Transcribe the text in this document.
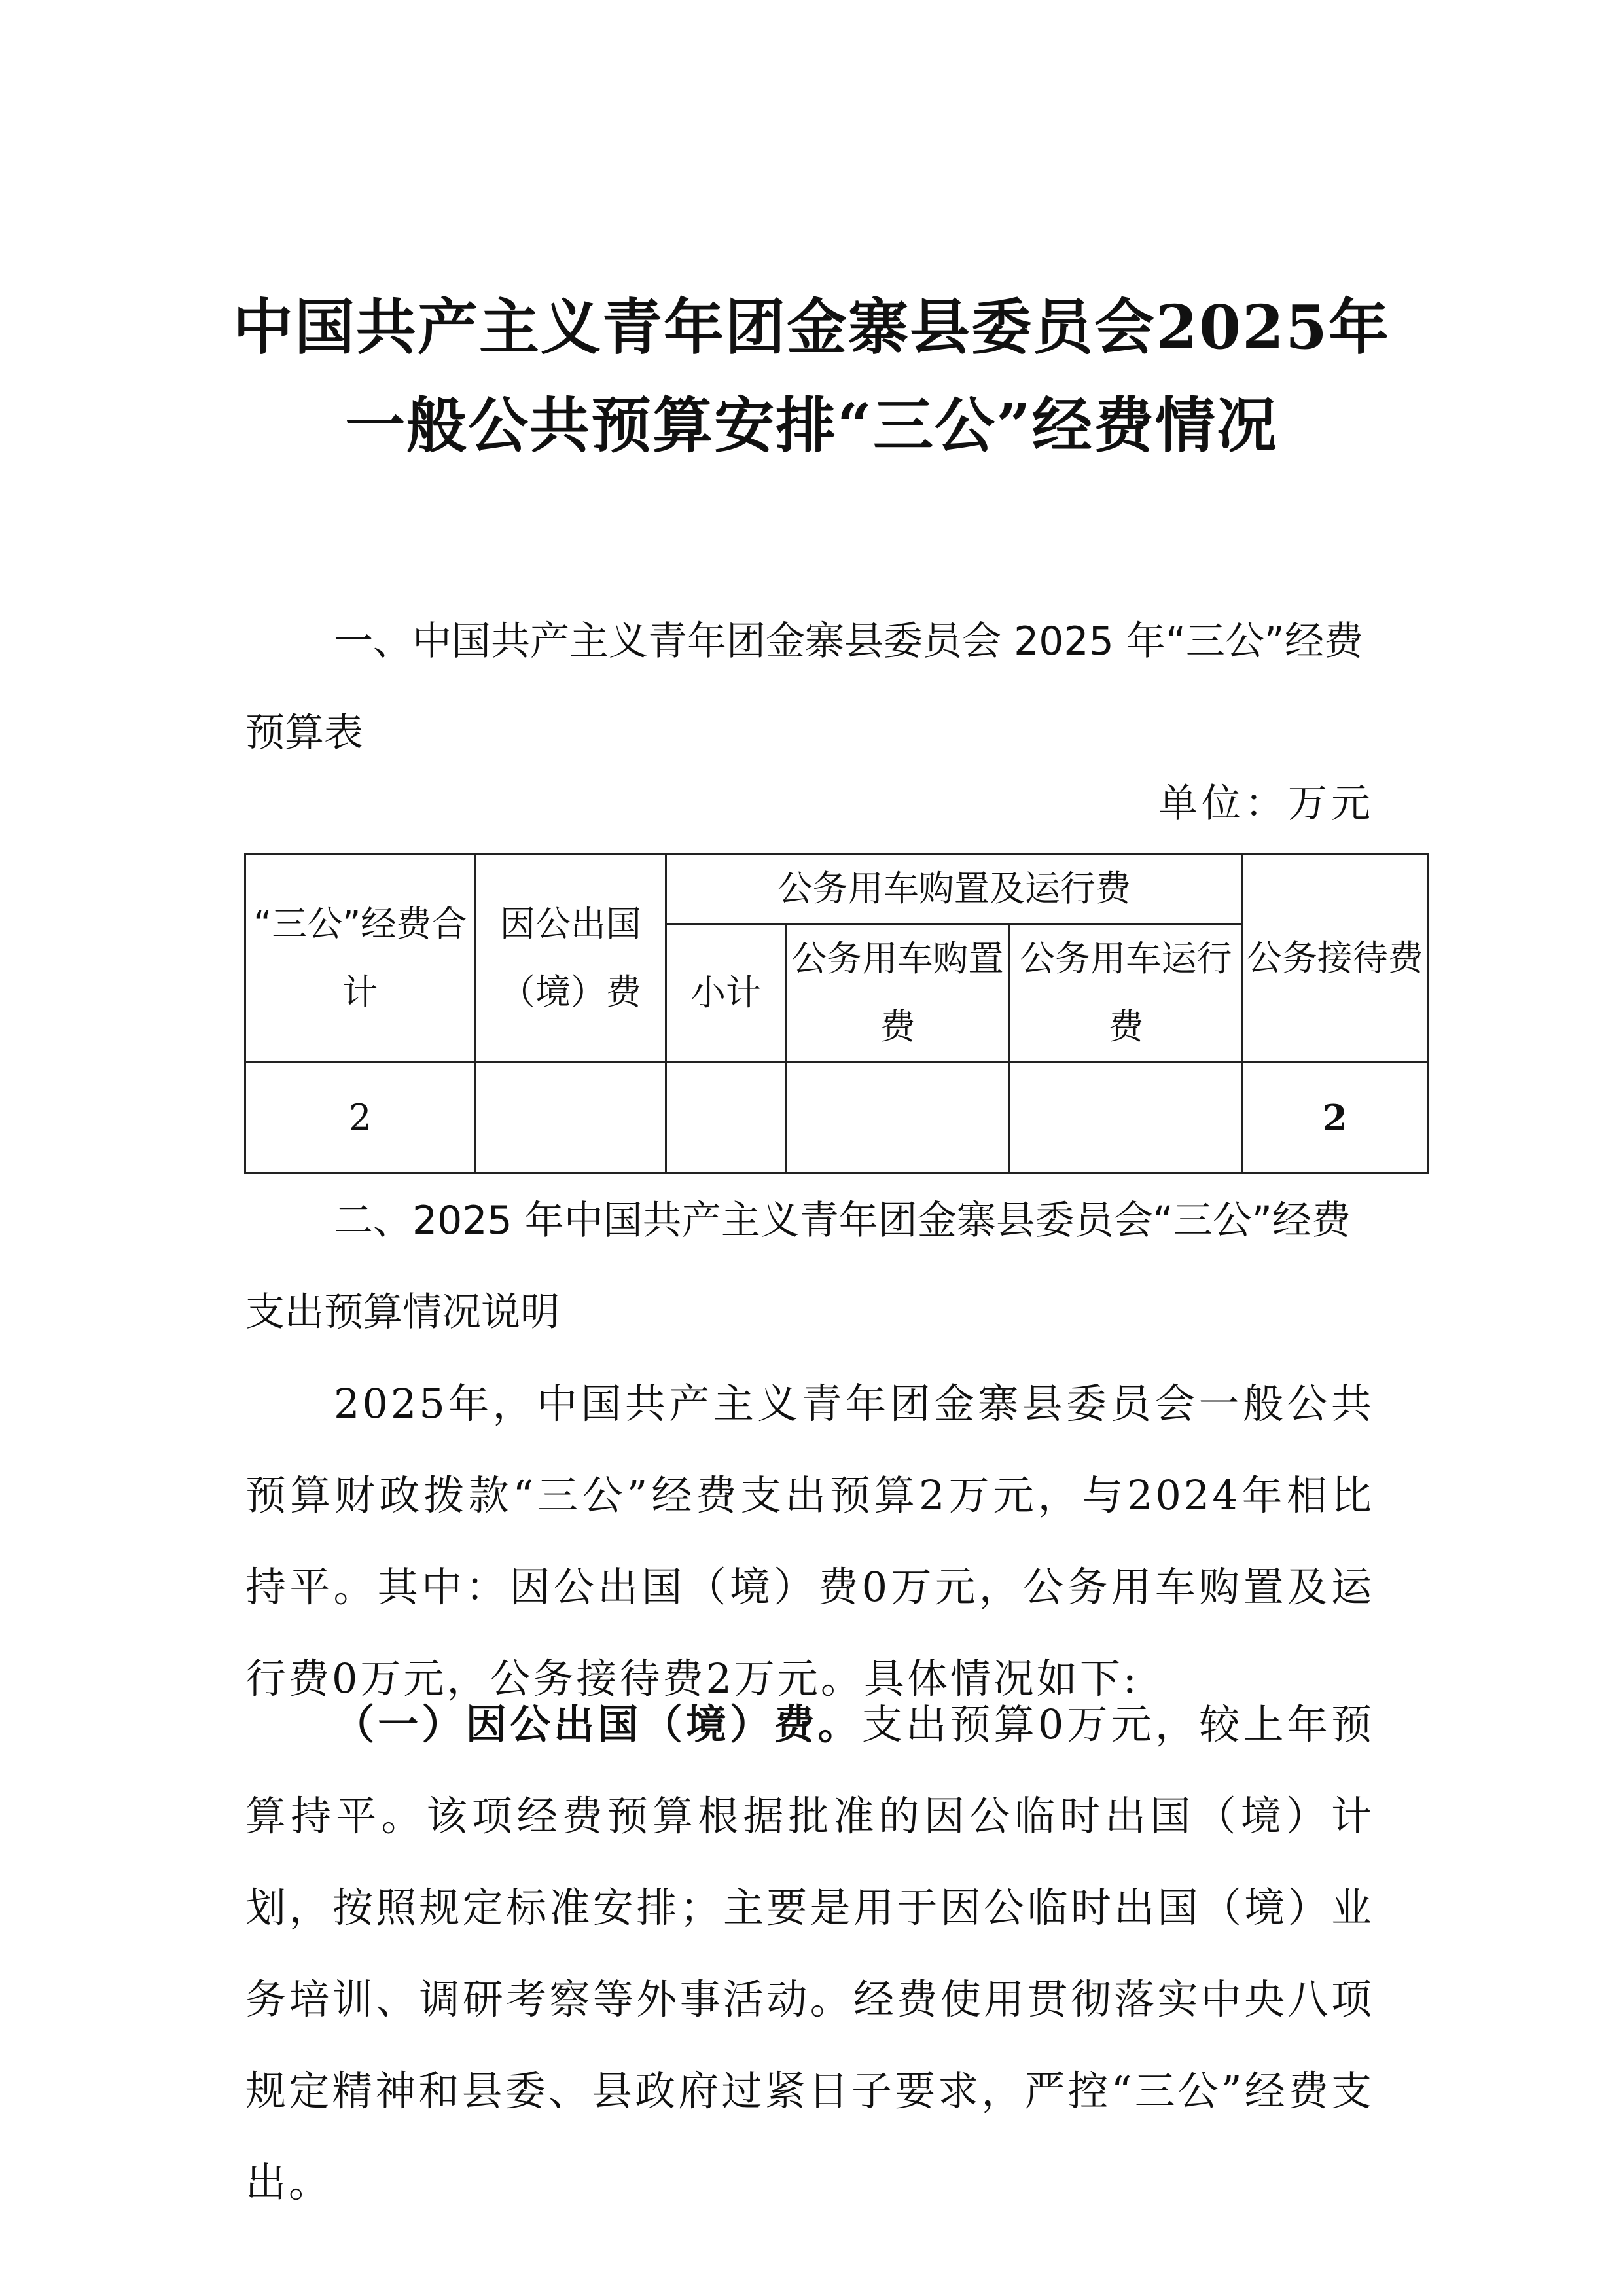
中国共产主义青年团金寨县委员会2025年
一般公共预算安排“三公”经费情况

一、中国共产主义青年团金寨县委员会 2025 年“三公”经费预算表

单位：万元
“三公”经费合计	因公出国（境）费	公务用车购置及运行费			公务接待费
		小计	公务用车购置费	公务用车运行费	
2					2

二、2025 年中国共产主义青年团金寨县委员会“三公”经费支出预算情况说明

2025年，中国共产主义青年团金寨县委员会一般公共预算财政拨款“三公”经费支出预算2万元，与2024年相比持平。其中：因公出国（境）费0万元，公务用车购置及运行费0万元，公务接待费2万元。具体情况如下:

（一）因公出国（境）费。支出预算0万元，较上年预算持平。该项经费预算根据批准的因公临时出国（境）计划，按照规定标准安排；主要是用于因公临时出国（境）业务培训、调研考察等外事活动。经费使用贯彻落实中央八项规定精神和县委、县政府过紧日子要求，严控“三公”经费支出。
